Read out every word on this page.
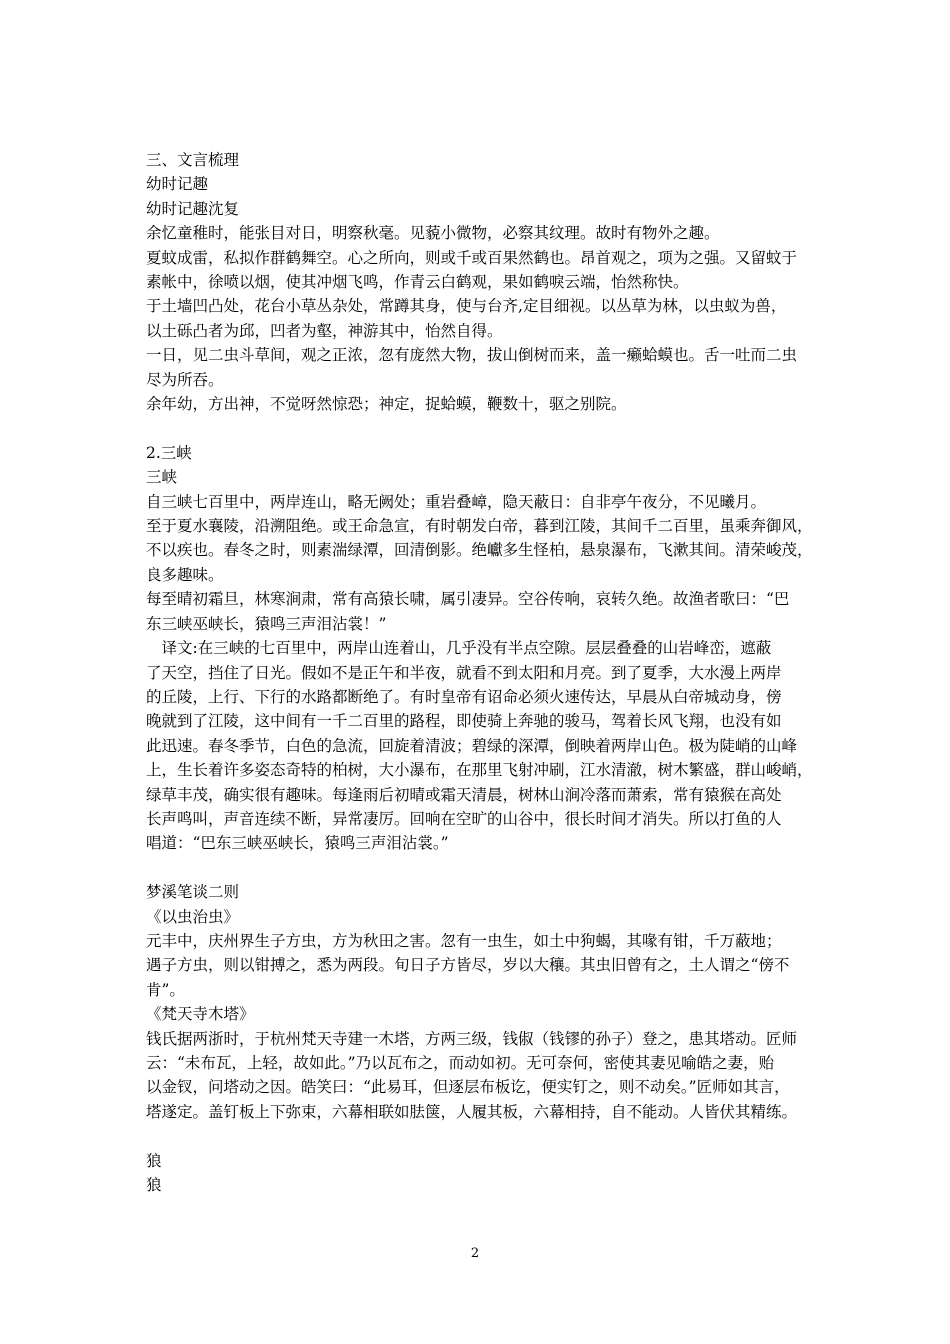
三、文言梳理
幼时记趣
幼时记趣沈复
余忆童稚时，能张目对日，明察秋毫。见藐小微物，必察其纹理。故时有物外之趣。
夏蚊成雷，私拟作群鹤舞空。心之所向，则或千或百果然鹤也。昂首观之，项为之强。又留蚊于
素帐中，徐喷以烟，使其冲烟飞鸣，作青云白鹤观，果如鹤唳云端，怡然称快。
于土墙凹凸处，花台小草丛杂处，常蹲其身，使与台齐,定目细视。以丛草为林，以虫蚁为兽，
以土砾凸者为邱，凹者为壑，神游其中，怡然自得。
一日，见二虫斗草间，观之正浓，忽有庞然大物，拔山倒树而来，盖一癞蛤蟆也。舌一吐而二虫
尽为所吞。
余年幼，方出神，不觉呀然惊恐；神定，捉蛤蟆，鞭数十，驱之别院。
2.三峡
三峡
自三峡七百里中，两岸连山，略无阙处；重岩叠嶂，隐天蔽日：自非亭午夜分，不见曦月。
至于夏水襄陵，沿溯阻绝。或王命急宣，有时朝发白帝，暮到江陵，其间千二百里，虽乘奔御风，
不以疾也。春冬之时，则素湍绿潭，回清倒影。绝巘多生怪柏，悬泉瀑布，飞漱其间。清荣峻茂，
良多趣味。
每至晴初霜旦，林寒涧肃，常有高猿长啸，属引凄异。空谷传响，哀转久绝。故渔者歌曰：“巴
东三峡巫峡长，猿鸣三声泪沾裳！”
　译文:在三峡的七百里中，两岸山连着山，几乎没有半点空隙。层层叠叠的山岩峰峦，遮蔽
了天空，挡住了日光。假如不是正午和半夜，就看不到太阳和月亮。到了夏季，大水漫上两岸
的丘陵，上行、下行的水路都断绝了。有时皇帝有诏命必须火速传达，早晨从白帝城动身，傍
晚就到了江陵，这中间有一千二百里的路程，即使骑上奔驰的骏马，驾着长风飞翔，也没有如
此迅速。春冬季节，白色的急流，回旋着清波；碧绿的深潭，倒映着两岸山色。极为陡峭的山峰
上，生长着许多姿态奇特的柏树，大小瀑布，在那里飞射冲刷，江水清澈，树木繁盛，群山峻峭，
绿草丰茂，确实很有趣味。每逢雨后初晴或霜天清晨，树林山涧冷落而萧索，常有猿猴在高处
长声鸣叫，声音连续不断，异常凄厉。回响在空旷的山谷中，很长时间才消失。所以打鱼的人
唱道：“巴东三峡巫峡长，猿鸣三声泪沾裳。”
梦溪笔谈二则
《以虫治虫》
元丰中，庆州界生子方虫，方为秋田之害。忽有一虫生，如土中狗蝎，其喙有钳，千万蔽地；
遇子方虫，则以钳搏之，悉为两段。旬日子方皆尽，岁以大穰。其虫旧曾有之，土人谓之“傍不
肯”。
《梵天寺木塔》
钱氏据两浙时，于杭州梵天寺建一木塔，方两三级，钱俶（钱镠的孙子）登之，患其塔动。匠师
云：“未布瓦，上轻，故如此。”乃以瓦布之，而动如初。无可奈何，密使其妻见喻皓之妻，贻
以金钗，问塔动之因。皓笑曰：“此易耳，但逐层布板讫，便实钉之，则不动矣。”匠师如其言，
塔遂定。盖钉板上下弥束，六幕相联如胠箧，人履其板，六幕相持，自不能动。人皆伏其精练。
狼
狼
2
